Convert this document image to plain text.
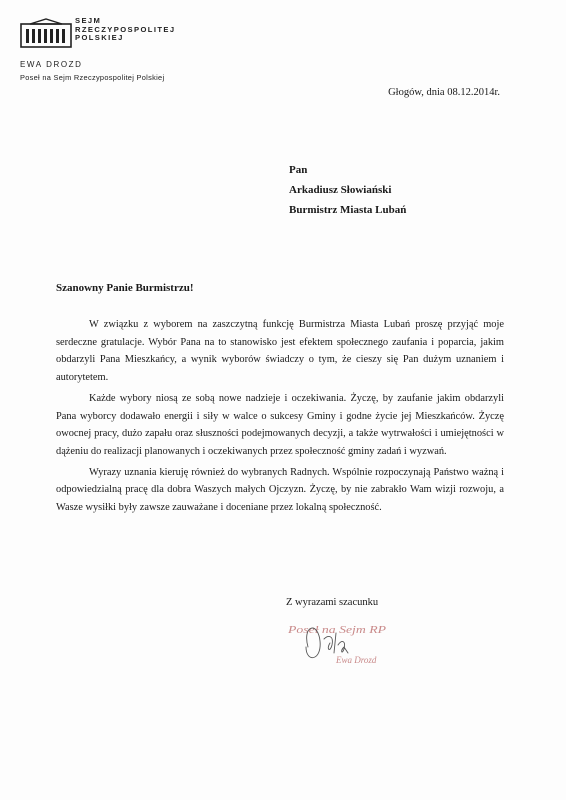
SEJM
RZECZYPOSPOLITEJ
POLSKIEJ
EWA DROZD
Poseł na Sejm Rzeczypospolitej Polskiej
Głogów, dnia 08.12.2014r.
Pan
Arkadiusz Słowiański
Burmistrz Miasta Lubań
Szanowny Panie Burmistrzu!

W związku z wyborem na zaszczytną funkcję Burmistrza Miasta Lubań proszę przyjąć moje serdeczne gratulacje. Wybór Pana na to stanowisko jest efektem społecznego zaufania i poparcia, jakim obdarzyli Pana Mieszkańcy, a wynik wyborów świadczy o tym, że cieszy się Pan dużym uznaniem i autorytetem.

Każde wybory niosą ze sobą nowe nadzieje i oczekiwania. Życzę, by zaufanie jakim obdarzyli Pana wyborcy dodawało energii i siły w walce o sukcesy Gminy i godne życie jej Mieszkańców. Życzę owocnej pracy, dużo zapału oraz słuszności podejmowanych decyzji, a także wytrwałości i umiejętności w dążeniu do realizacji planowanych i oczekiwanych przez społeczność gminy zadań i wyzwań.

Wyrazy uznania kieruję również do wybranych Radnych. Wspólnie rozpoczynają Państwo ważną i odpowiedzialną pracę dla dobra Waszych małych Ojczyzn. Życzę, by nie zabrakło Wam wizji rozwoju, a Wasze wysiłki były zawsze zauważane i doceniane przez lokalną społeczność.

Z wyrazami szacunku
Poseł na Sejm RP
Ewa Drozd
